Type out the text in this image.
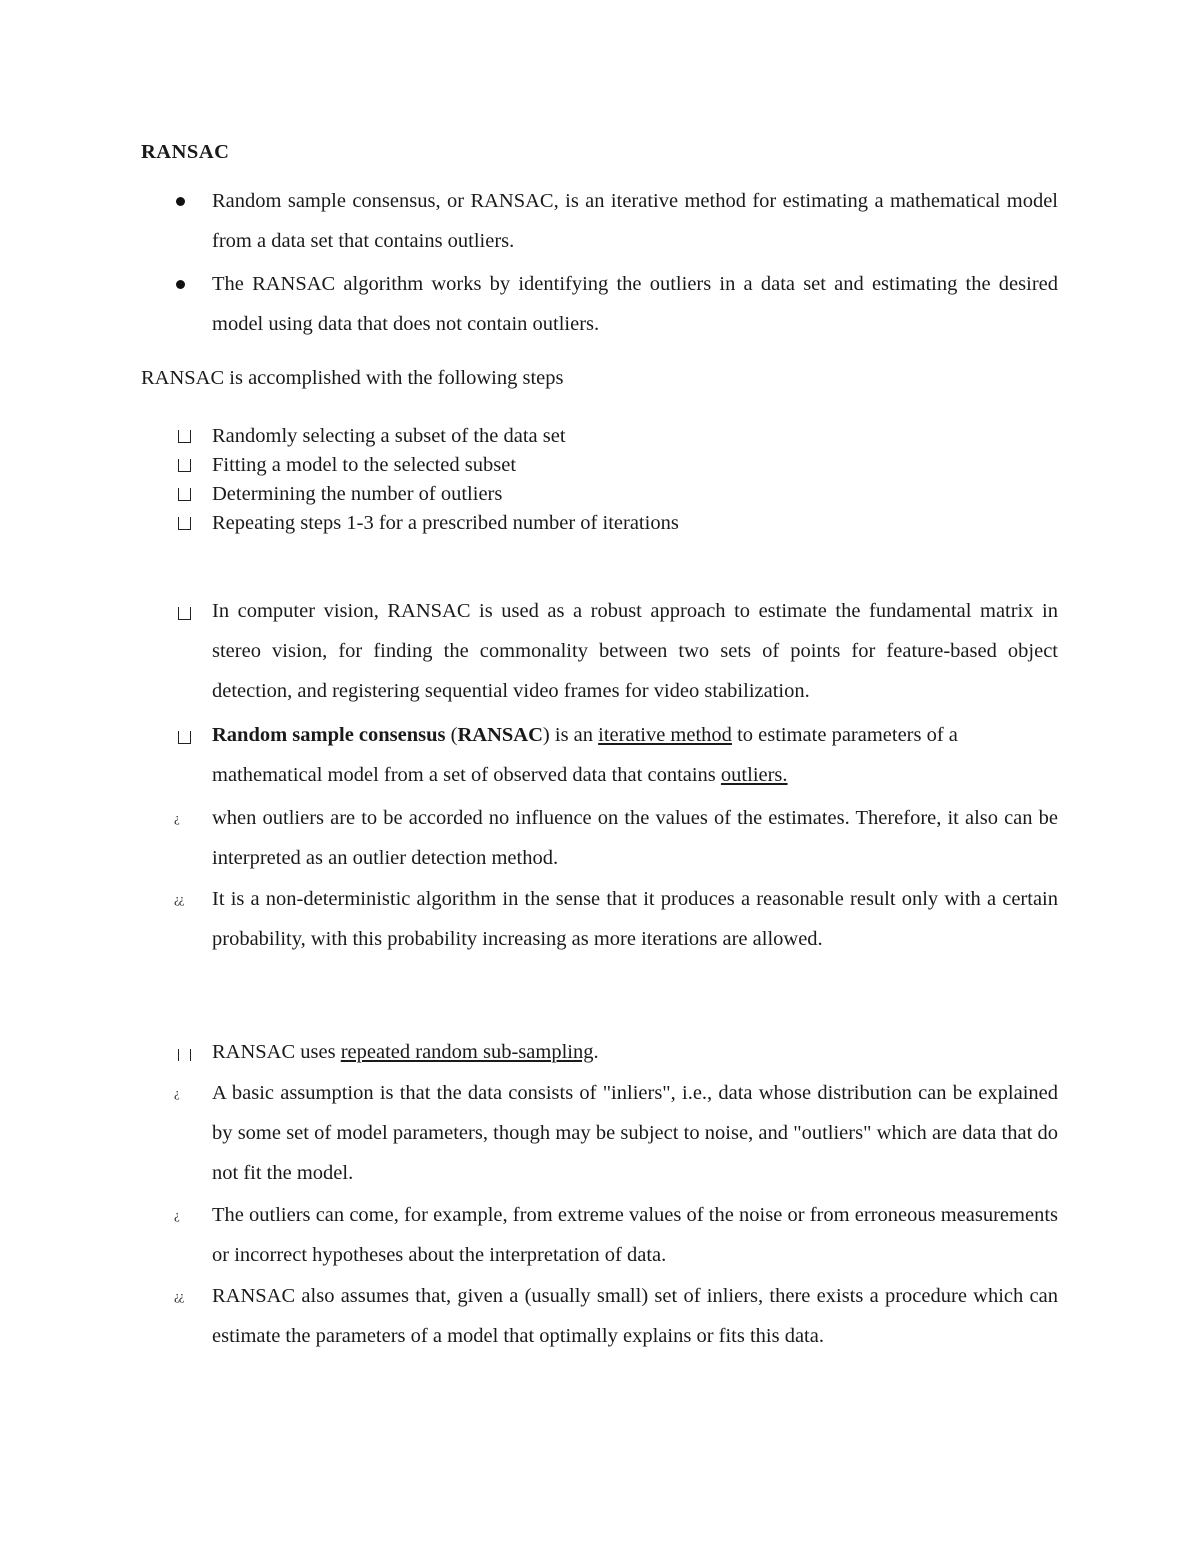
RANSAC
Random sample consensus, or RANSAC, is an iterative method for estimating a mathematical model from a data set that contains outliers.
The RANSAC algorithm works by identifying the outliers in a data set and estimating the desired model using data that does not contain outliers.
RANSAC is accomplished with the following steps
Randomly selecting a subset of the data set
Fitting a model to the selected subset
Determining the number of outliers
Repeating steps 1-3 for a prescribed number of iterations
In computer vision, RANSAC is used as a robust approach to estimate the fundamental matrix in stereo vision, for finding the commonality between two sets of points for feature-based object detection, and registering sequential video frames for video stabilization.
Random sample consensus (RANSAC) is an iterative method to estimate parameters of a mathematical model from a set of observed data that contains outliers.
¿ when outliers are to be accorded no influence on the values of the estimates. Therefore, it also can be interpreted as an outlier detection method.
¿¿ It is a non-deterministic algorithm in the sense that it produces a reasonable result only with a certain probability, with this probability increasing as more iterations are allowed.
RANSAC uses repeated random sub-sampling.
¿ A basic assumption is that the data consists of "inliers", i.e., data whose distribution can be explained by some set of model parameters, though may be subject to noise, and "outliers" which are data that do not fit the model.
¿ The outliers can come, for example, from extreme values of the noise or from erroneous measurements or incorrect hypotheses about the interpretation of data.
¿¿ RANSAC also assumes that, given a (usually small) set of inliers, there exists a procedure which can estimate the parameters of a model that optimally explains or fits this data.
